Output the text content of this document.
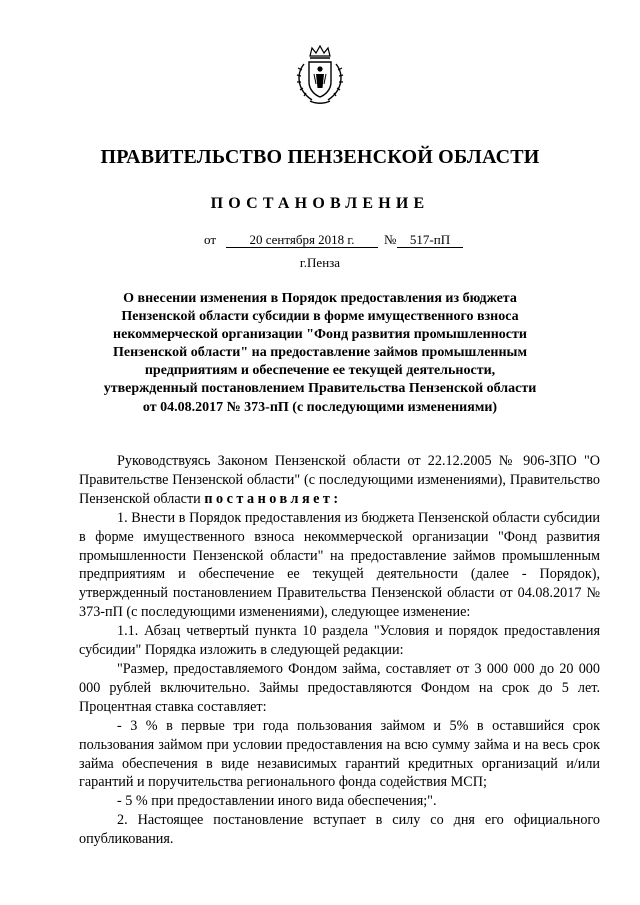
ПРАВИТЕЛЬСТВО ПЕНЗЕНСКОЙ ОБЛАСТИ
ПОСТАНОВЛЕНИЕ
от	20 сентября 2018 г.	№	517-пП
г.Пенза
О внесении изменения в Порядок предоставления из бюджета Пензенской области субсидии в форме имущественного взноса некоммерческой организации "Фонд развития промышленности Пензенской области" на предоставление займов промышленным предприятиям и обеспечение ее текущей деятельности, утвержденный постановлением Правительства Пензенской области от 04.08.2017 № 373-пП (с последующими изменениями)

Руководствуясь Законом Пензенской области от 22.12.2005 № 906-ЗПО "О Правительстве Пензенской области" (с последующими изменениями), Правительство Пензенской области постановляет:

1. Внести в Порядок предоставления из бюджета Пензенской области субсидии в форме имущественного взноса некоммерческой организации "Фонд развития промышленности Пензенской области" на предоставление займов промышленным предприятиям и обеспечение ее текущей деятельности (далее - Порядок), утвержденный постановлением Правительства Пензенской области от 04.08.2017 № 373-пП (с последующими изменениями), следующее изменение:

1.1. Абзац четвертый пункта 10 раздела "Условия и порядок предоставления субсидии" Порядка изложить в следующей редакции:

"Размер, предоставляемого Фондом займа, составляет от 3 000 000 до 20 000 000 рублей включительно. Займы предоставляются Фондом на срок до 5 лет. Процентная ставка составляет:

- 3 % в первые три года пользования займом и 5% в оставшийся срок пользования займом при условии предоставления на всю сумму займа и на весь срок займа обеспечения в виде независимых гарантий кредитных организаций и/или гарантий и поручительства регионального фонда содействия МСП;

- 5 % при предоставлении иного вида обеспечения;".

2. Настоящее постановление вступает в силу со дня его официального опубликования.
